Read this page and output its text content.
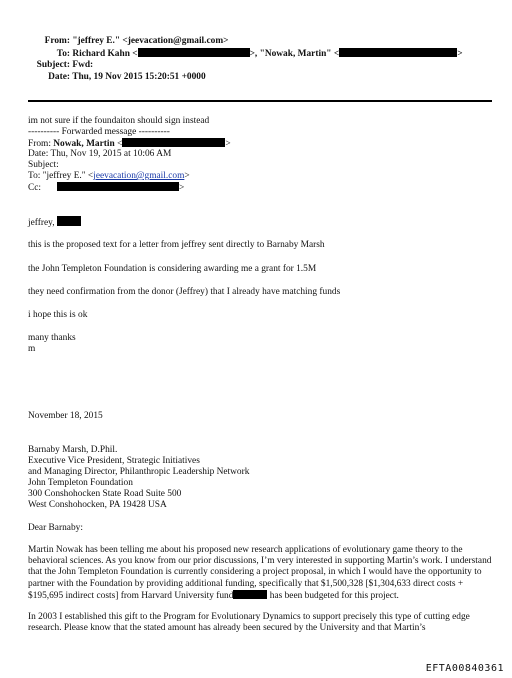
From: "jeffrey E." <jeevacation@gmail.com>
To: Richard Kahn <	>, "Nowak, Martin" <	>
Subject: Fwd:
Date: Thu, 19 Nov 2015 15:20:51 +0000
im not sure if the foundaiton should sign instead
---------- Forwarded message ----------
From: Nowak, Martin <	>
Date: Thu, Nov 19, 2015 at 10:06 AM
Subject:
To: "jeffrey E." <jeevacation@gmail.com>
Cc:	>
jeffrey,
this is the proposed text for a letter from jeffrey sent directly to Barnaby Marsh
the John Templeton Foundation is considering awarding me a grant for 1.5M
they need confirmation from the donor (Jeffrey) that I already have matching funds
i hope this is ok
many thanks
m
November 18, 2015
Barnaby Marsh, D.Phil.
Executive Vice President, Strategic Initiatives
and Managing Director, Philanthropic Leadership Network
John Templeton Foundation
300 Conshohocken State Road Suite 500
West Conshohocken, PA 19428 USA
Dear Barnaby:
Martin Nowak has been telling me about his proposed new research applications of evolutionary game theory to the behavioral sciences. As you know from our prior discussions, I’m very interested in supporting Martin’s work. I understand that the John Templeton Foundation is currently considering a project proposal, in which I would have the opportunity to partner with the Foundation by providing additional funding, specifically that $1,500,328 [$1,304,633 direct costs + $195,695 indirect costs] from Harvard University fund	has been budgeted for this project.
In 2003 I established this gift to the Program for Evolutionary Dynamics to support precisely this type of cutting edge research. Please know that the stated amount has already been secured by the University and that Martin’s
EFTA00840361
